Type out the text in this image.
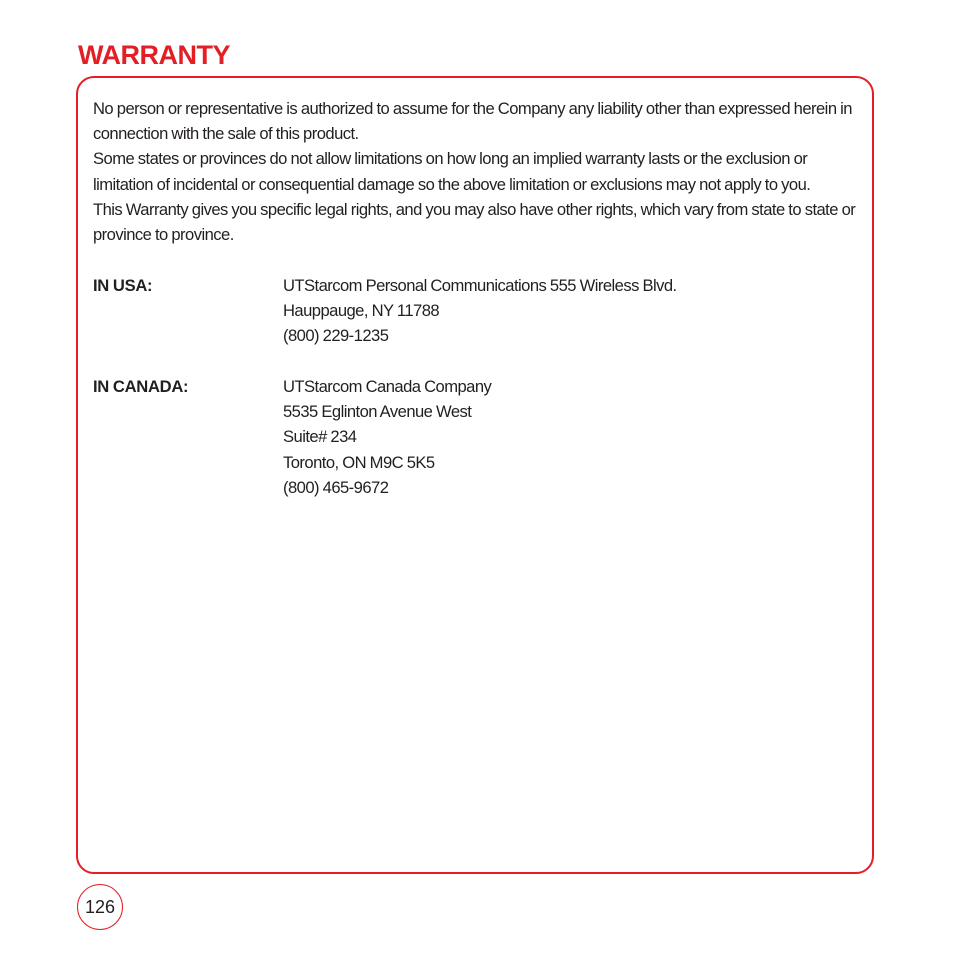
WARRANTY

No person or representative is authorized to assume for the Company any liability other than expressed herein in connection with the sale of this product.

Some states or provinces do not allow limitations on how long an implied warranty lasts or the exclusion or limitation of incidental or consequential damage so the above limitation or exclusions may not apply to you.

This Warranty gives you specific legal rights, and you may also have other rights, which vary from state to state or province to province.

IN USA:	UTStarcom Personal Communications 555 Wireless Blvd.
Hauppauge, NY 11788
(800) 229-1235
IN CANADA:	UTStarcom Canada Company
5535 Eglinton Avenue West
Suite# 234
Toronto, ON M9C 5K5
(800) 465-9672
126
